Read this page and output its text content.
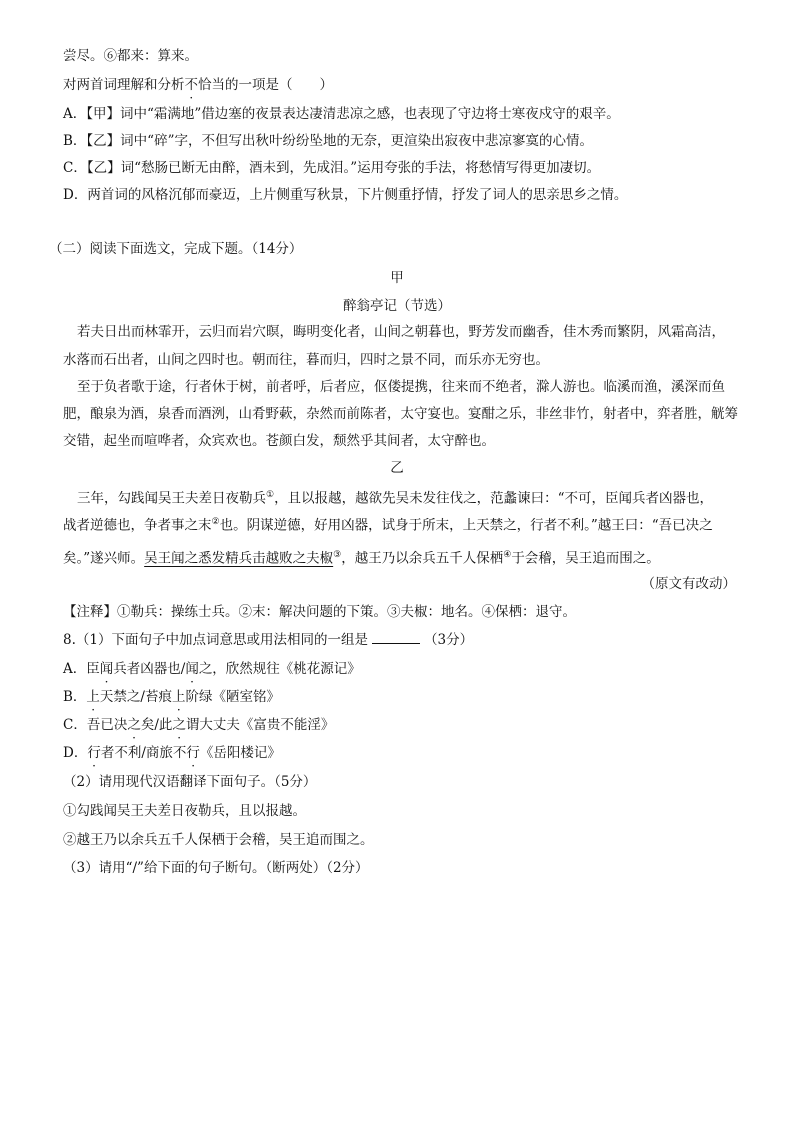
尝尽。⑥都来：算来。
对两首词理解和分析不恰当的一项是（　　）
A．【甲】词中“霜满地”借边塞的夜景表达凄清悲凉之感，也表现了守边将士寒夜戍守的艰辛。
B．【乙】词中“碎”字，不但写出秋叶纷纷坠地的无奈，更渲染出寂夜中悲凉寥寞的心情。
C．【乙】词“愁肠已断无由醉，酒未到，先成泪。”运用夸张的手法，将愁情写得更加凄切。
D．两首词的风格沉郁而豪迈，上片侧重写秋景，下片侧重抒情，抒发了词人的思亲思乡之情。
（二）阅读下面选文，完成下题。（14分）
甲
醉翁亭记（节选）
若夫日出而林霏开，云归而岩穴暝，晦明变化者，山间之朝暮也，野芳发而幽香，佳木秀而繁阴，风霜高洁，
水落而石出者，山间之四时也。朝而往，暮而归，四时之景不同，而乐亦无穷也。
至于负者歌于途，行者休于树，前者呼，后者应，伛偻提携，往来而不绝者，滁人游也。临溪而渔，溪深而鱼
肥，酿泉为酒，泉香而酒洌，山肴野蔌，杂然而前陈者，太守宴也。宴酣之乐，非丝非竹，射者中，弈者胜，觥筹
交错，起坐而喧哗者，众宾欢也。苍颜白发，颓然乎其间者，太守醉也。
乙
三年，勾践闻吴王夫差日夜勒兵①，且以报越，越欲先吴未发往伐之，范蠡谏曰：“不可，臣闻兵者凶器也，
战者逆德也，争者事之末②也。阴谋逆德，好用凶器，试身于所末，上天禁之，行者不利。”越王曰：“吾已决之
矣。”遂兴师。吴王闻之悉发精兵击越败之夫椒③，越王乃以余兵五千人保栖④于会稽，吴王追而围之。
（原文有改动）
【注释】①勒兵：操练士兵。②末：解决问题的下策。③夫椒：地名。④保栖：退守。
8.（1）下面句子中加点词意思或用法相同的一组是	（3分）
A．臣闻兵者凶器也/闻之，欣然规往《桃花源记》
B．上天禁之/苔痕上阶绿《陋室铭》
C．吾已决之矣/此之谓大丈夫《富贵不能淫》
D．行者不利/商旅不行《岳阳楼记》
（2）请用现代汉语翻译下面句子。（5分）
①勾践闻吴王夫差日夜勒兵，且以报越。
②越王乃以余兵五千人保栖于会稽，吴王追而围之。
（3）请用“/”给下面的句子断句。（断两处）（2分）
